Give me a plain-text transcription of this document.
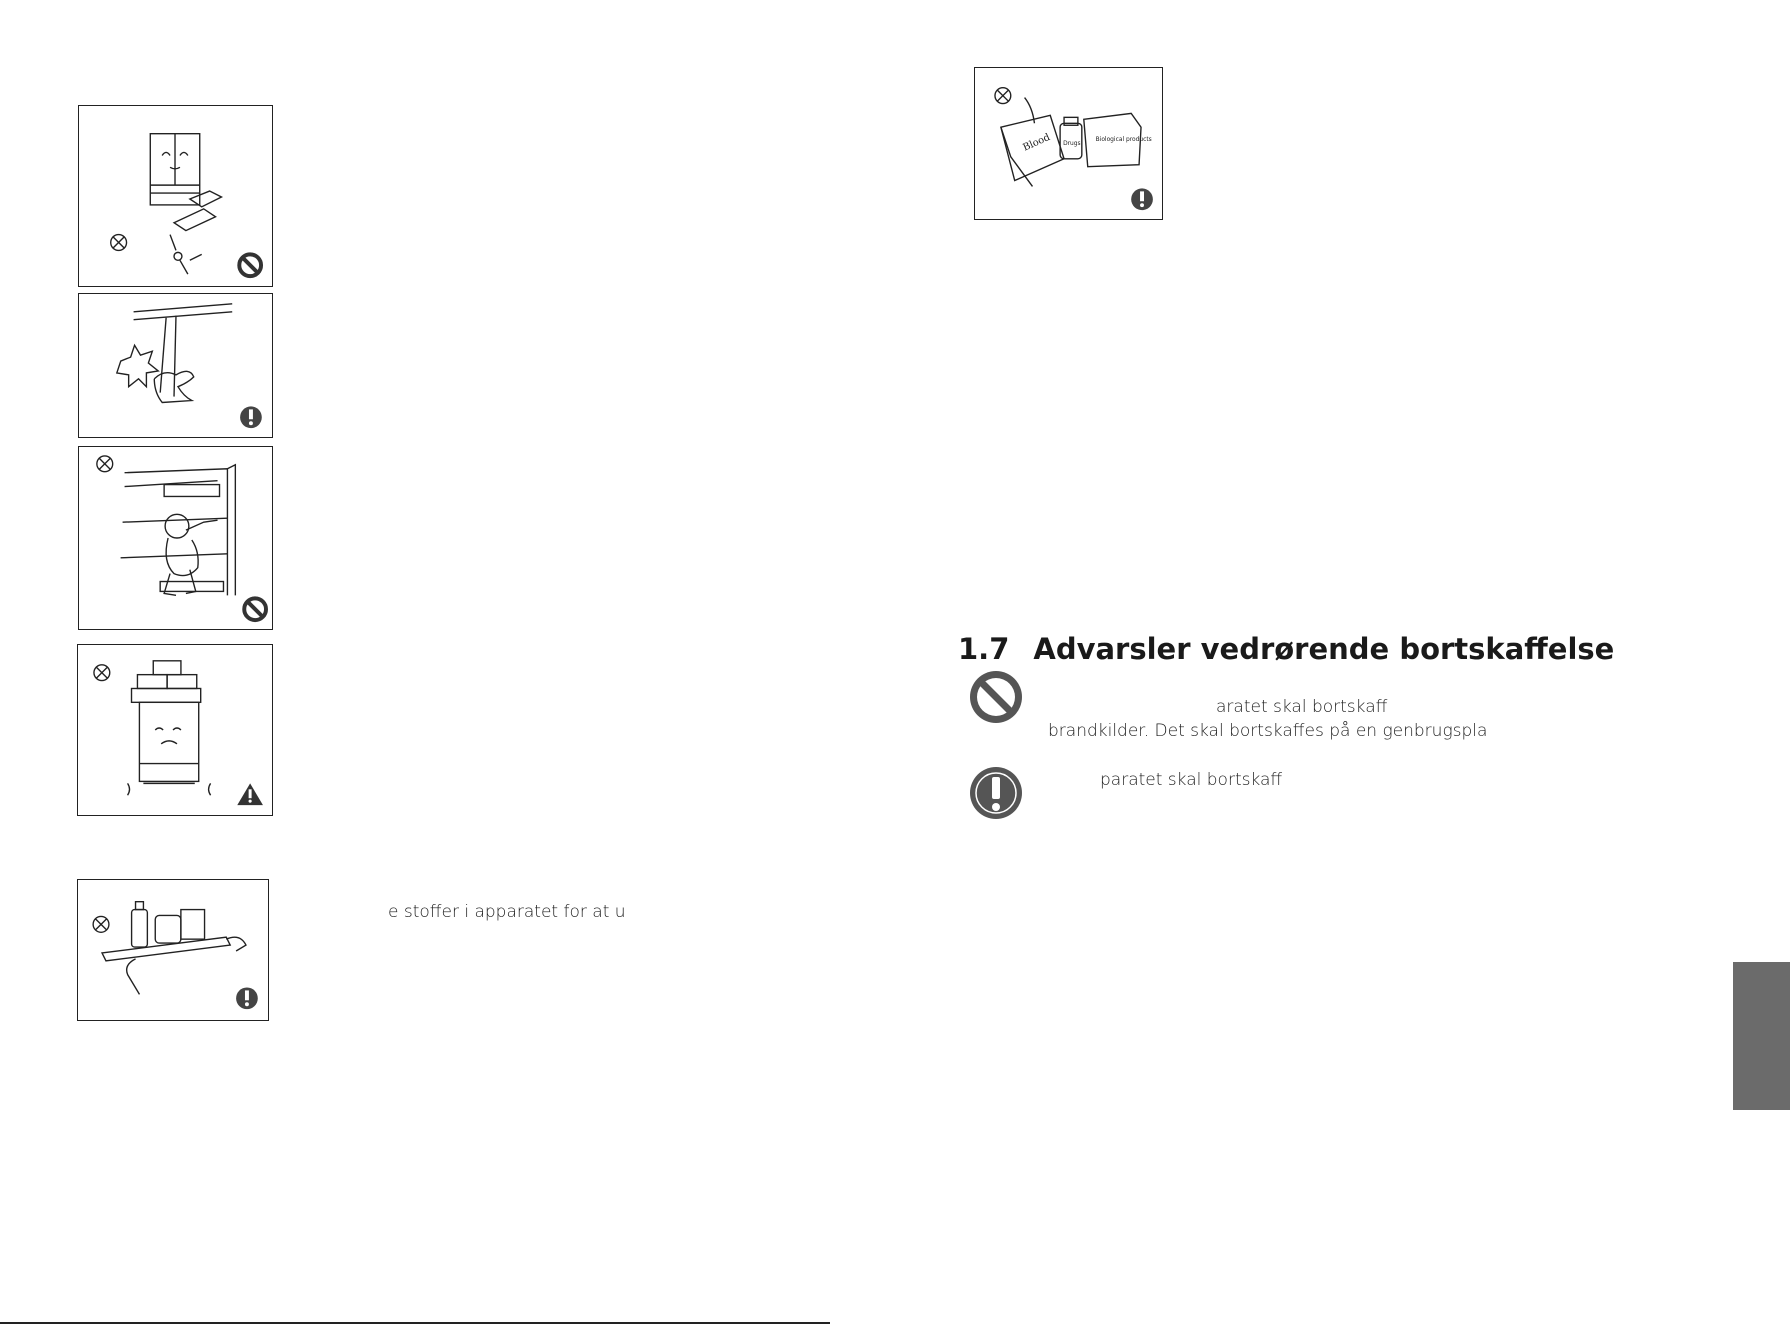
e stoffer i apparatet for at u
Blood Drugs
Biological products
1.7 Advarsler vedrørende bortskaffelse
aratet skal bortskaff
brandkilder. Det skal bortskaffes på en genbrugspla
paratet skal bortskaff
